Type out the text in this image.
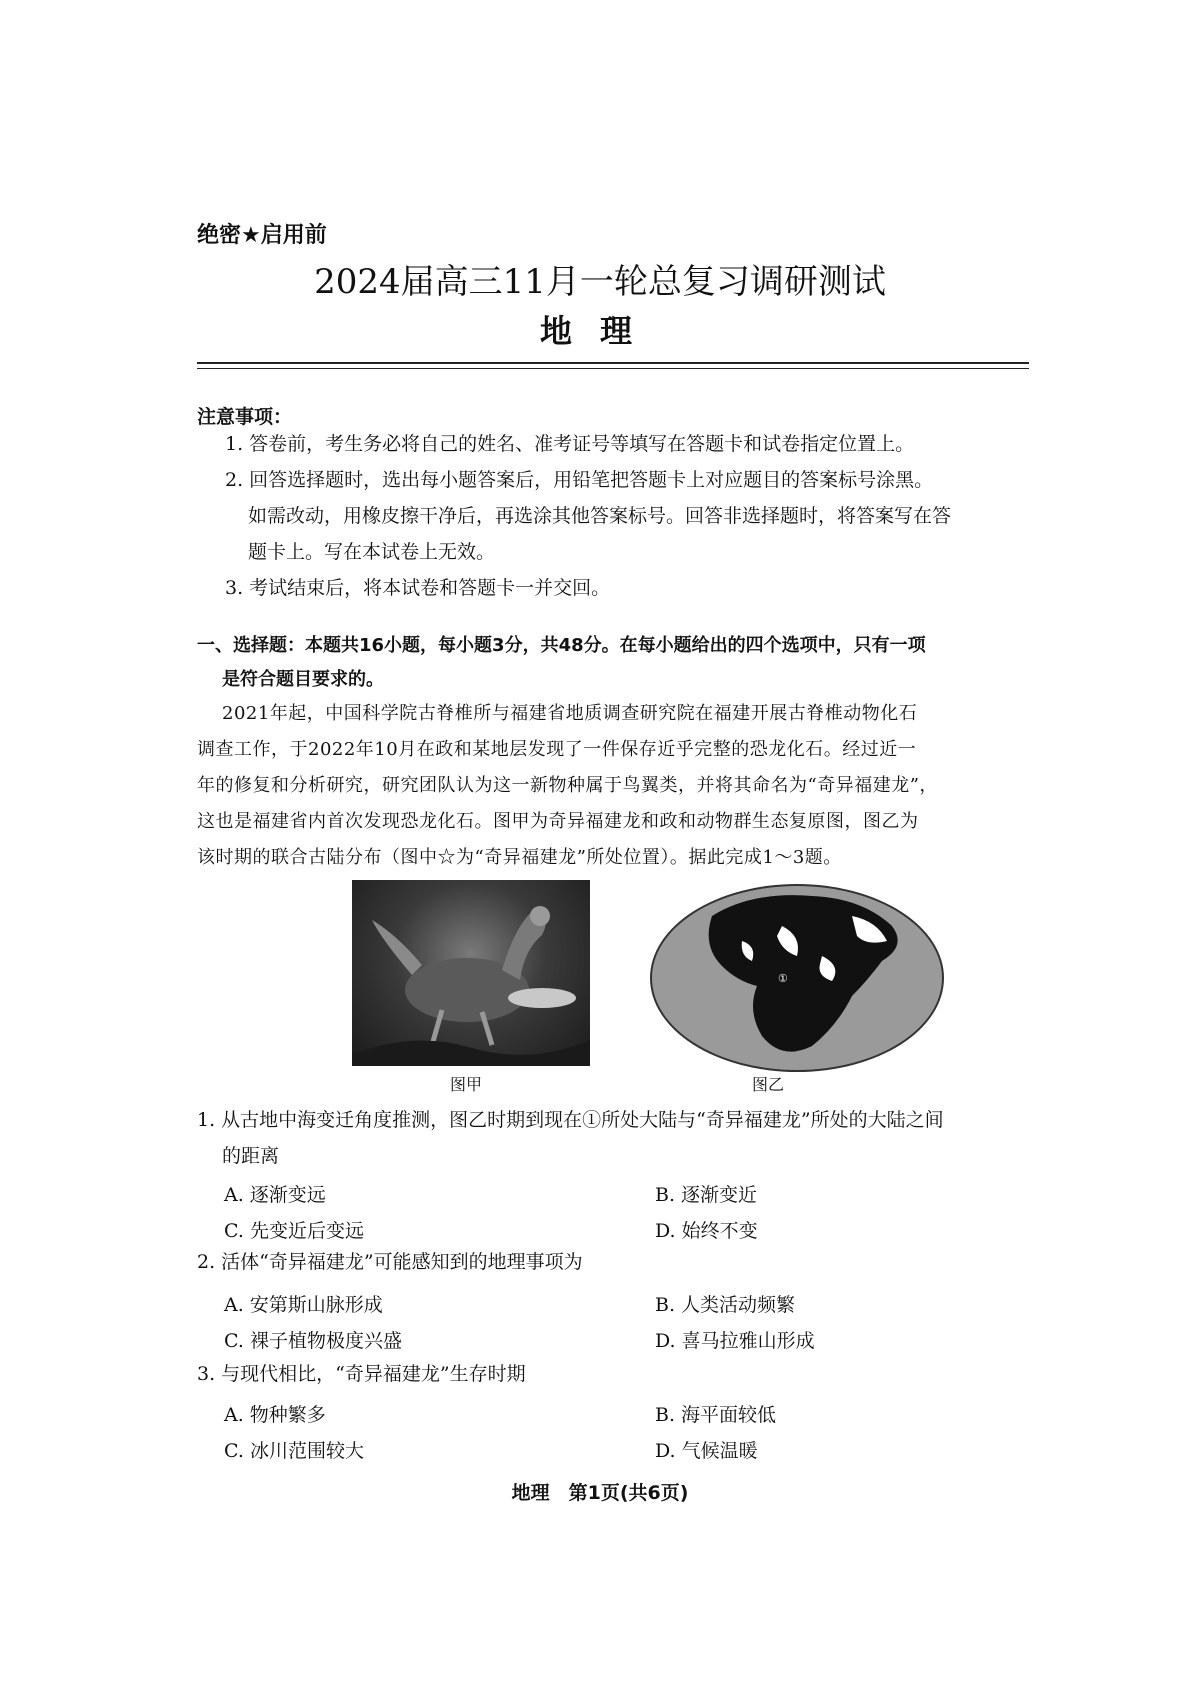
绝密★启用前
2024届高三11月一轮总复习调研测试
地理
注意事项：
1. 答卷前，考生务必将自己的姓名、准考证号等填写在答题卡和试卷指定位置上。
2. 回答选择题时，选出每小题答案后，用铅笔把答题卡上对应题目的答案标号涂黑。
如需改动，用橡皮擦干净后，再选涂其他答案标号。回答非选择题时，将答案写在答
题卡上。写在本试卷上无效。
3. 考试结束后，将本试卷和答题卡一并交回。
一、选择题：本题共16小题，每小题3分，共48分。在每小题给出的四个选项中，只有一项
是符合题目要求的。
2021年起，中国科学院古脊椎所与福建省地质调查研究院在福建开展古脊椎动物化石
调查工作，于2022年10月在政和某地层发现了一件保存近乎完整的恐龙化石。经过近一
年的修复和分析研究，研究团队认为这一新物种属于鸟翼类，并将其命名为“奇异福建龙”，
这也是福建省内首次发现恐龙化石。图甲为奇异福建龙和政和动物群生态复原图，图乙为
该时期的联合古陆分布（图中☆为“奇异福建龙”所处位置）。据此完成1～3题。
图甲
①
图乙
1. 从古地中海变迁角度推测，图乙时期到现在①所处大陆与“奇异福建龙”所处的大陆之间
的距离
A. 逐渐变远	B. 逐渐变近
C. 先变近后变远	D. 始终不变
2. 活体“奇异福建龙”可能感知到的地理事项为
A. 安第斯山脉形成	B. 人类活动频繁
C. 裸子植物极度兴盛	D. 喜马拉雅山形成
3. 与现代相比，“奇异福建龙”生存时期
A. 物种繁多	B. 海平面较低
C. 冰川范围较大	D. 气候温暖
地理　第1页(共6页)
